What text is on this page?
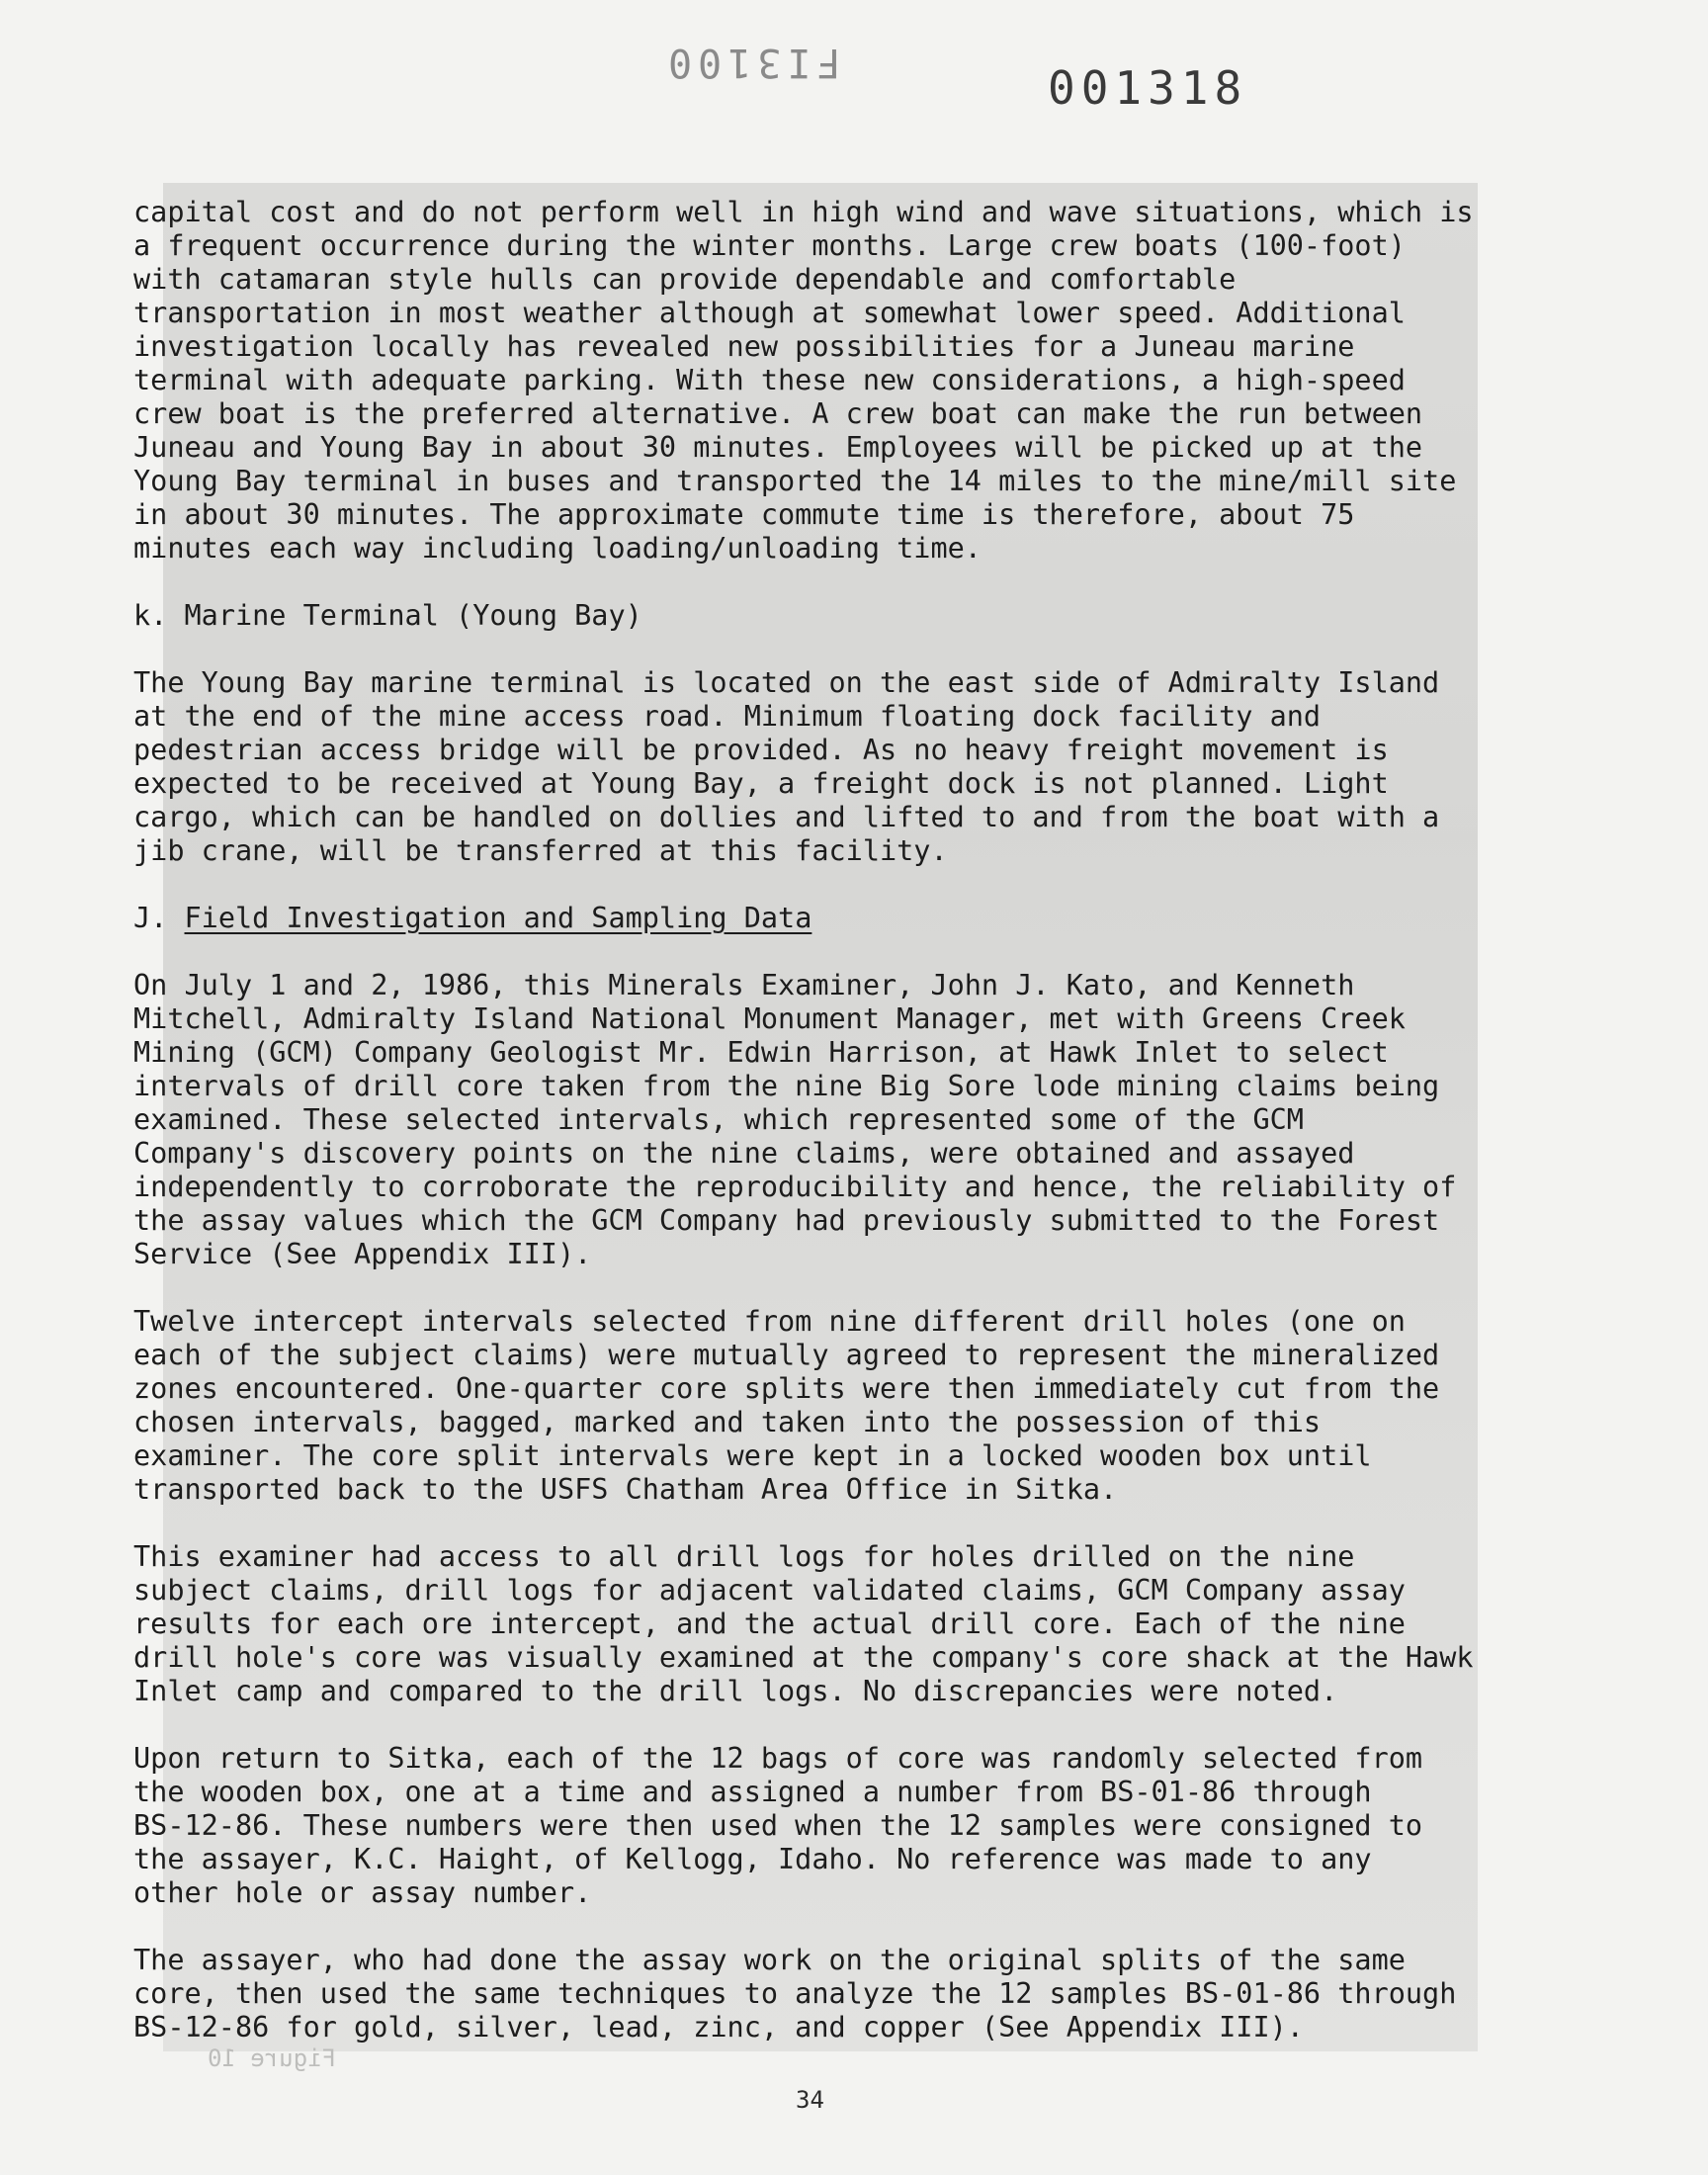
FI3100	001318
capital cost and do not perform well in high wind and wave situations, which is
a frequent occurrence during the winter months. Large crew boats (100-foot)
with catamaran style hulls can provide dependable and comfortable
transportation in most weather although at somewhat lower speed. Additional
investigation locally has revealed new possibilities for a Juneau marine
terminal with adequate parking. With these new considerations, a high-speed
crew boat is the preferred alternative. A crew boat can make the run between
Juneau and Young Bay in about 30 minutes. Employees will be picked up at the
Young Bay terminal in buses and transported the 14 miles to the mine/mill site
in about 30 minutes. The approximate commute time is therefore, about 75
minutes each way including loading/unloading time.
k. Marine Terminal (Young Bay)
The Young Bay marine terminal is located on the east side of Admiralty Island
at the end of the mine access road. Minimum floating dock facility and
pedestrian access bridge will be provided. As no heavy freight movement is
expected to be received at Young Bay, a freight dock is not planned. Light
cargo, which can be handled on dollies and lifted to and from the boat with a
jib crane, will be transferred at this facility.
J. Field Investigation and Sampling Data
On July 1 and 2, 1986, this Minerals Examiner, John J. Kato, and Kenneth
Mitchell, Admiralty Island National Monument Manager, met with Greens Creek
Mining (GCM) Company Geologist Mr. Edwin Harrison, at Hawk Inlet to select
intervals of drill core taken from the nine Big Sore lode mining claims being
examined. These selected intervals, which represented some of the GCM
Company's discovery points on the nine claims, were obtained and assayed
independently to corroborate the reproducibility and hence, the reliability of
the assay values which the GCM Company had previously submitted to the Forest
Service (See Appendix III).
Twelve intercept intervals selected from nine different drill holes (one on
each of the subject claims) were mutually agreed to represent the mineralized
zones encountered. One-quarter core splits were then immediately cut from the
chosen intervals, bagged, marked and taken into the possession of this
examiner. The core split intervals were kept in a locked wooden box until
transported back to the USFS Chatham Area Office in Sitka.
This examiner had access to all drill logs for holes drilled on the nine
subject claims, drill logs for adjacent validated claims, GCM Company assay
results for each ore intercept, and the actual drill core. Each of the nine
drill hole's core was visually examined at the company's core shack at the Hawk
Inlet camp and compared to the drill logs. No discrepancies were noted.
Upon return to Sitka, each of the 12 bags of core was randomly selected from
the wooden box, one at a time and assigned a number from BS-01-86 through
BS-12-86. These numbers were then used when the 12 samples were consigned to
the assayer, K.C. Haight, of Kellogg, Idaho. No reference was made to any
other hole or assay number.
The assayer, who had done the assay work on the original splits of the same
core, then used the same techniques to analyze the 12 samples BS-01-86 through
BS-12-86 for gold, silver, lead, zinc, and copper (See Appendix III).
Figure 10
34
